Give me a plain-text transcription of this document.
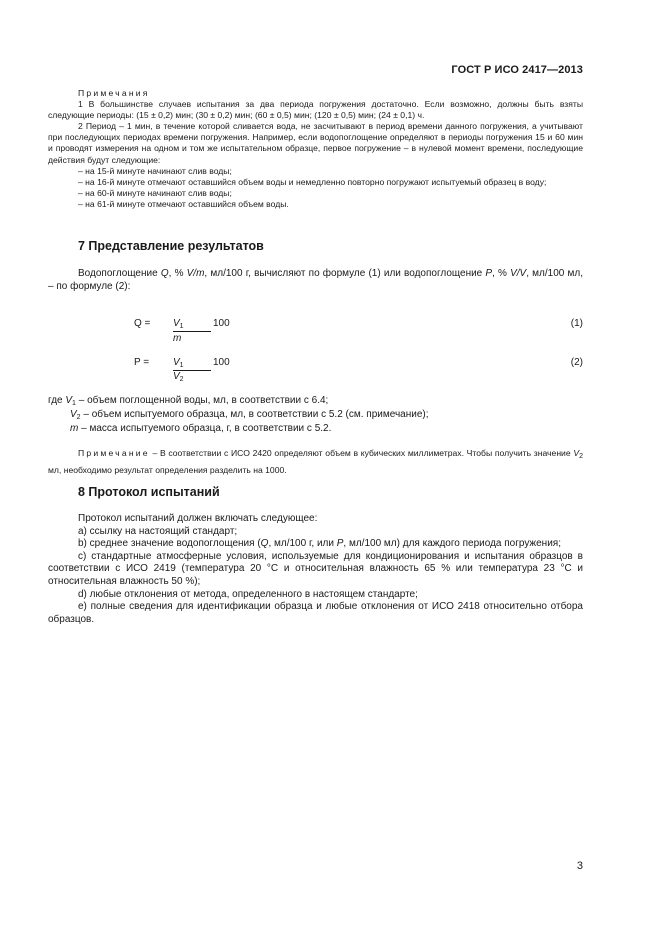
ГОСТ Р ИСО 2417—2013
Примечания
1 В большинстве случаев испытания за два периода погружения достаточно. Если возможно, должны быть взяты следующие периоды: (15 ± 0,2) мин; (30 ± 0,2) мин; (60 ± 0,5) мин; (120 ± 0,5) мин; (24 ± 0,1) ч.
2 Период – 1 мин, в течение которой сливается вода, не засчитывают в период времени данного погружения, а учитывают при последующих периодах времени погружения. Например, если водопоглощение определяют в периоды погружения 15 и 60 мин и проводят измерения на одном и том же испытательном образце, первое погружение – в нулевой момент времени, последующие действия будут следующие:
– на 15-й минуте начинают слив воды;
– на 16-й минуте отмечают оставшийся объем воды и немедленно повторно погружают испытуемый образец в воду;
– на 60-й минуте начинают слив воды;
– на 61-й минуте отмечают оставшийся объем воды.
7 Представление результатов
Водопоглощение Q, % V/m, мл/100 г, вычисляют по формуле (1) или водопоглощение P, % V/V, мл/100 мл, – по формуле (2):
$Q = V_1$
m
100	(1)
$P = V_1$
$V_2$
100	(2)
где $V_1$ – объем поглощенной воды, мл, в соответствии с 6.4;
$V_2$ – объем испытуемого образца, мл, в соответствии с 5.2 (см. примечание);
m – масса испытуемого образца, г, в соответствии с 5.2.
Примечание – В соответствии с ИСО 2420 определяют объем в кубических миллиметрах. Чтобы получить значение $V_2$ мл, необходимо результат определения разделить на 1000.
8 Протокол испытаний
Протокол испытаний должен включать следующее:
a) ссылку на настоящий стандарт;
b) среднее значение водопоглощения (Q, мл/100 г, или P, мл/100 мл) для каждого периода погружения;
c) стандартные атмосферные условия, используемые для кондиционирования и испытания образцов в соответствии с ИСО 2419 (температура 20 °С и относительная влажность 65 % или температура 23 °С и относительная влажность 50 %);
d) любые отклонения от метода, определенного в настоящем стандарте;
e) полные сведения для идентификации образца и любые отклонения от ИСО 2418 относительно отбора образцов.
3
